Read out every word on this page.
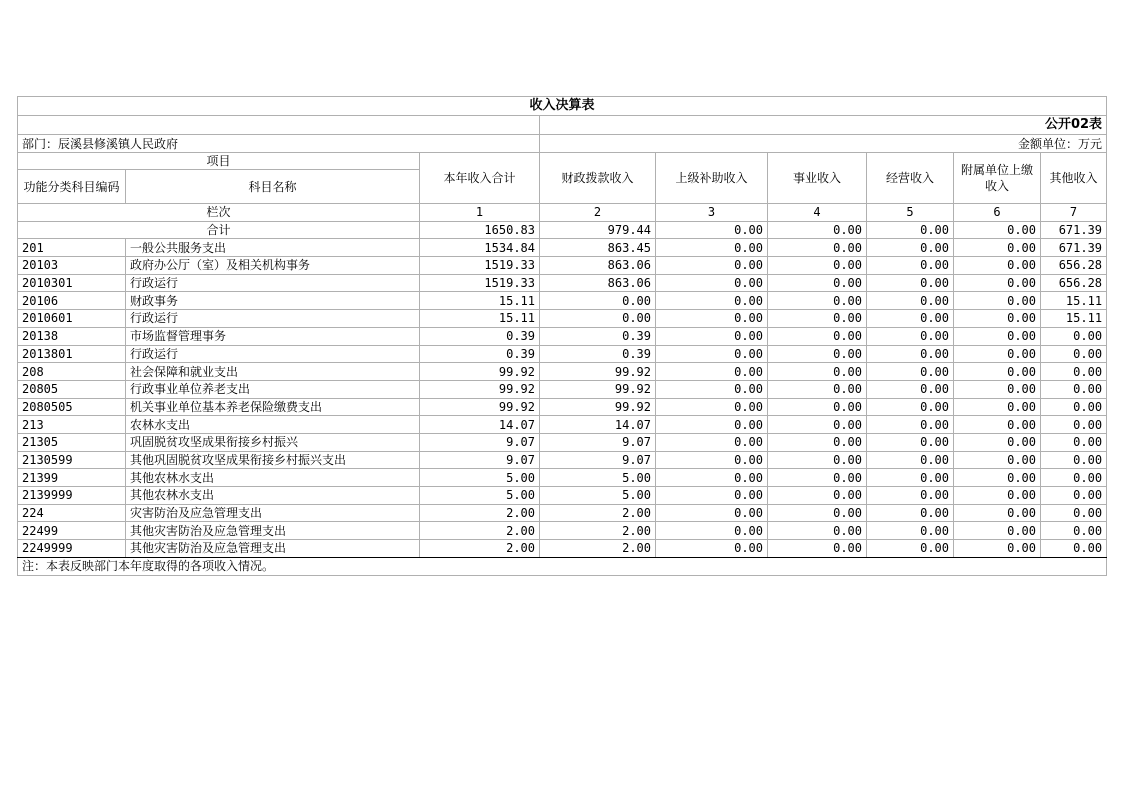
收入决算表								
			公开02表					
部门：辰溪县修溪镇人民政府			金额单位：万元					
项目		本年收入合计	财政拨款收入	上级补助收入	事业收入	经营收入	附属单位上缴收入	其他收入
功能分类科目编码	科目名称							
栏次		1	2	3	4	5	6	7
合计		1650.83	979.44	0.00	0.00	0.00	0.00	671.39
201	一般公共服务支出	1534.84	863.45	0.00	0.00	0.00	0.00	671.39
20103	政府办公厅（室）及相关机构事务	1519.33	863.06	0.00	0.00	0.00	0.00	656.28
2010301	行政运行	1519.33	863.06	0.00	0.00	0.00	0.00	656.28
20106	财政事务	15.11	0.00	0.00	0.00	0.00	0.00	15.11
2010601	行政运行	15.11	0.00	0.00	0.00	0.00	0.00	15.11
20138	市场监督管理事务	0.39	0.39	0.00	0.00	0.00	0.00	0.00
2013801	行政运行	0.39	0.39	0.00	0.00	0.00	0.00	0.00
208	社会保障和就业支出	99.92	99.92	0.00	0.00	0.00	0.00	0.00
20805	行政事业单位养老支出	99.92	99.92	0.00	0.00	0.00	0.00	0.00
2080505	机关事业单位基本养老保险缴费支出	99.92	99.92	0.00	0.00	0.00	0.00	0.00
213	农林水支出	14.07	14.07	0.00	0.00	0.00	0.00	0.00
21305	巩固脱贫攻坚成果衔接乡村振兴	9.07	9.07	0.00	0.00	0.00	0.00	0.00
2130599	其他巩固脱贫攻坚成果衔接乡村振兴支出	9.07	9.07	0.00	0.00	0.00	0.00	0.00
21399	其他农林水支出	5.00	5.00	0.00	0.00	0.00	0.00	0.00
2139999	其他农林水支出	5.00	5.00	0.00	0.00	0.00	0.00	0.00
224	灾害防治及应急管理支出	2.00	2.00	0.00	0.00	0.00	0.00	0.00
22499	其他灾害防治及应急管理支出	2.00	2.00	0.00	0.00	0.00	0.00	0.00
2249999	其他灾害防治及应急管理支出	2.00	2.00	0.00	0.00	0.00	0.00	0.00
注：本表反映部门本年度取得的各项收入情况。								
